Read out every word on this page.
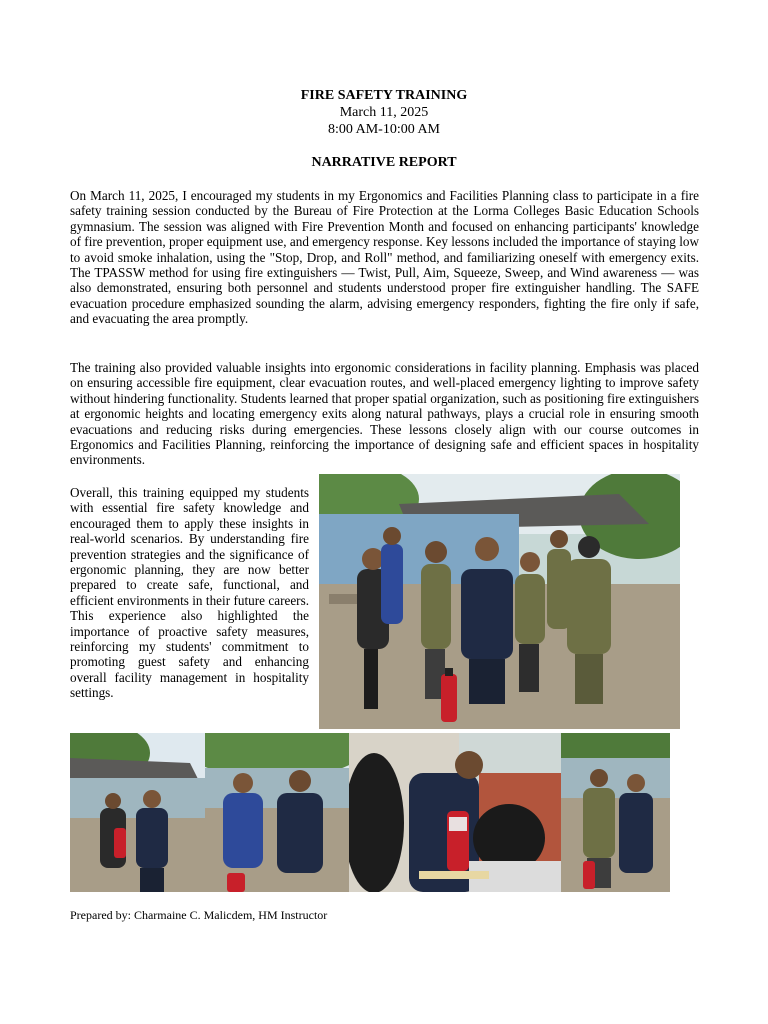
FIRE SAFETY TRAINING
March 11, 2025
8:00 AM-10:00 AM
NARRATIVE REPORT

On March 11, 2025, I encouraged my students in my Ergonomics and Facilities Planning class to participate in a fire safety training session conducted by the Bureau of Fire Protection at the Lorma Colleges Basic Education Schools gymnasium. The session was aligned with Fire Prevention Month and focused on enhancing participants' knowledge of fire prevention, proper equipment use, and emergency response. Key lessons included the importance of staying low to avoid smoke inhalation, using the "Stop, Drop, and Roll" method, and familiarizing oneself with emergency exits. The TPASSW method for using fire extinguishers — Twist, Pull, Aim, Squeeze, Sweep, and Wind awareness — was also demonstrated, ensuring both personnel and students understood proper fire extinguisher handling. The SAFE evacuation procedure emphasized sounding the alarm, advising emergency responders, fighting the fire only if safe, and evacuating the area promptly.

The training also provided valuable insights into ergonomic considerations in facility planning. Emphasis was placed on ensuring accessible fire equipment, clear evacuation routes, and well-placed emergency lighting to improve safety without hindering functionality. Students learned that proper spatial organization, such as positioning fire extinguishers at ergonomic heights and locating emergency exits along natural pathways, plays a crucial role in ensuring smooth evacuations and reducing risks during emergencies. These lessons closely align with our course outcomes in Ergonomics and Facilities Planning, reinforcing the importance of designing safe and efficient spaces in hospitality environments.

Overall, this training equipped my students with essential fire safety knowledge and encouraged them to apply these insights in real-world scenarios. By understanding fire prevention strategies and the significance of ergonomic planning, they are now better prepared to create safe, functional, and efficient environments in their future careers. This experience also highlighted the importance of proactive safety measures, reinforcing my students' commitment to promoting guest safety and enhancing overall facility management in hospitality settings.

Prepared by: Charmaine C. Malicdem, HM Instructor
